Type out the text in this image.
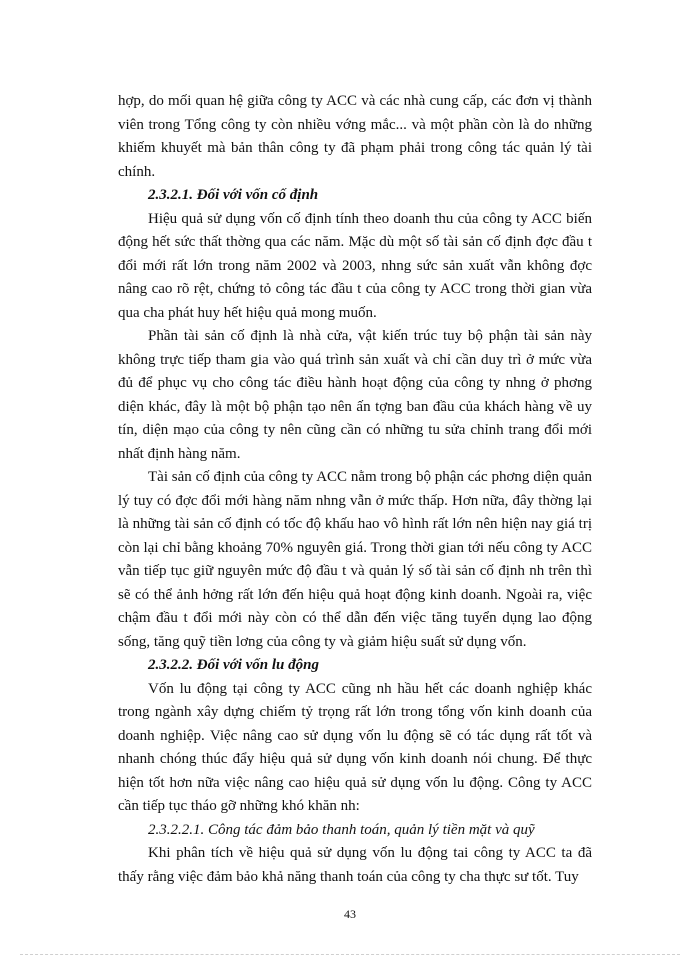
hợp, do mối quan hệ giữa công ty ACC và các nhà cung cấp, các đơn vị thành viên trong Tổng công ty còn nhiều vớng mắc... và một phần còn là do những khiếm khuyết mà bản thân công ty đã phạm phải trong công tác quản lý tài chính.

2.3.2.1. Đối với vốn cố định

Hiệu quả sử dụng vốn cố định tính theo doanh thu của công ty ACC biến động hết sức thất thờng qua các năm. Mặc dù một số tài sản cố định đợc đầu t đổi mới rất lớn trong năm 2002 và 2003, nhng sức sản xuất vẫn không đợc nâng cao rõ rệt, chứng tỏ công tác đầu t của công ty ACC trong thời gian vừa qua cha phát huy hết hiệu quả mong muốn.

Phần tài sản cố định là nhà cửa, vật kiến trúc tuy bộ phận tài sản này không trực tiếp tham gia vào quá trình sản xuất và chỉ cần duy trì ở mức vừa đủ để phục vụ cho công tác điều hành hoạt động của công ty nhng ở phơng diện khác, đây là một bộ phận tạo nên ấn tợng ban đầu của khách hàng về uy tín, diện mạo của công ty nên cũng cần có những tu sửa chỉnh trang đổi mới nhất định hàng năm.

Tài sản cố định của công ty ACC nằm trong bộ phận các phơng diện quản lý tuy có đợc đổi mới hàng năm nhng vẫn ở mức thấp. Hơn nữa, đây thờng lại là những tài sản cố định có tốc độ khấu hao vô hình rất lớn nên hiện nay giá trị còn lại chỉ bằng khoảng 70% nguyên giá. Trong thời gian tới nếu công ty ACC vẫn tiếp tục giữ nguyên mức độ đầu t và quản lý số tài sản cố định nh trên thì sẽ có thể ảnh hởng rất lớn đến hiệu quả hoạt động kinh doanh. Ngoài ra, việc chậm đầu t đổi mới này còn có thể dẫn đến việc tăng tuyển dụng lao động sống, tăng quỹ tiền lơng của công ty và giảm hiệu suất sử dụng vốn.

2.3.2.2. Đối với vốn lu động

Vốn lu động tại công ty ACC cũng nh hầu hết các doanh nghiệp khác trong ngành xây dựng chiếm tỷ trọng rất lớn trong tổng vốn kinh doanh của doanh nghiệp. Việc nâng cao sử dụng vốn lu động sẽ có tác dụng rất tốt và nhanh chóng thúc đẩy hiệu quả sử dụng vốn kinh doanh nói chung. Để thực hiện tốt hơn nữa việc nâng cao hiệu quả sử dụng vốn lu động. Công ty ACC cần tiếp tục tháo gỡ những khó khăn nh:

2.3.2.2.1. Công tác đảm bảo thanh toán, quản lý tiền mặt và quỹ

Khi phân tích về hiệu quả sử dụng vốn lu động tai công ty ACC ta đã thấy rằng việc đảm bảo khả năng thanh toán của công ty cha thực sư tốt. Tuy

43
